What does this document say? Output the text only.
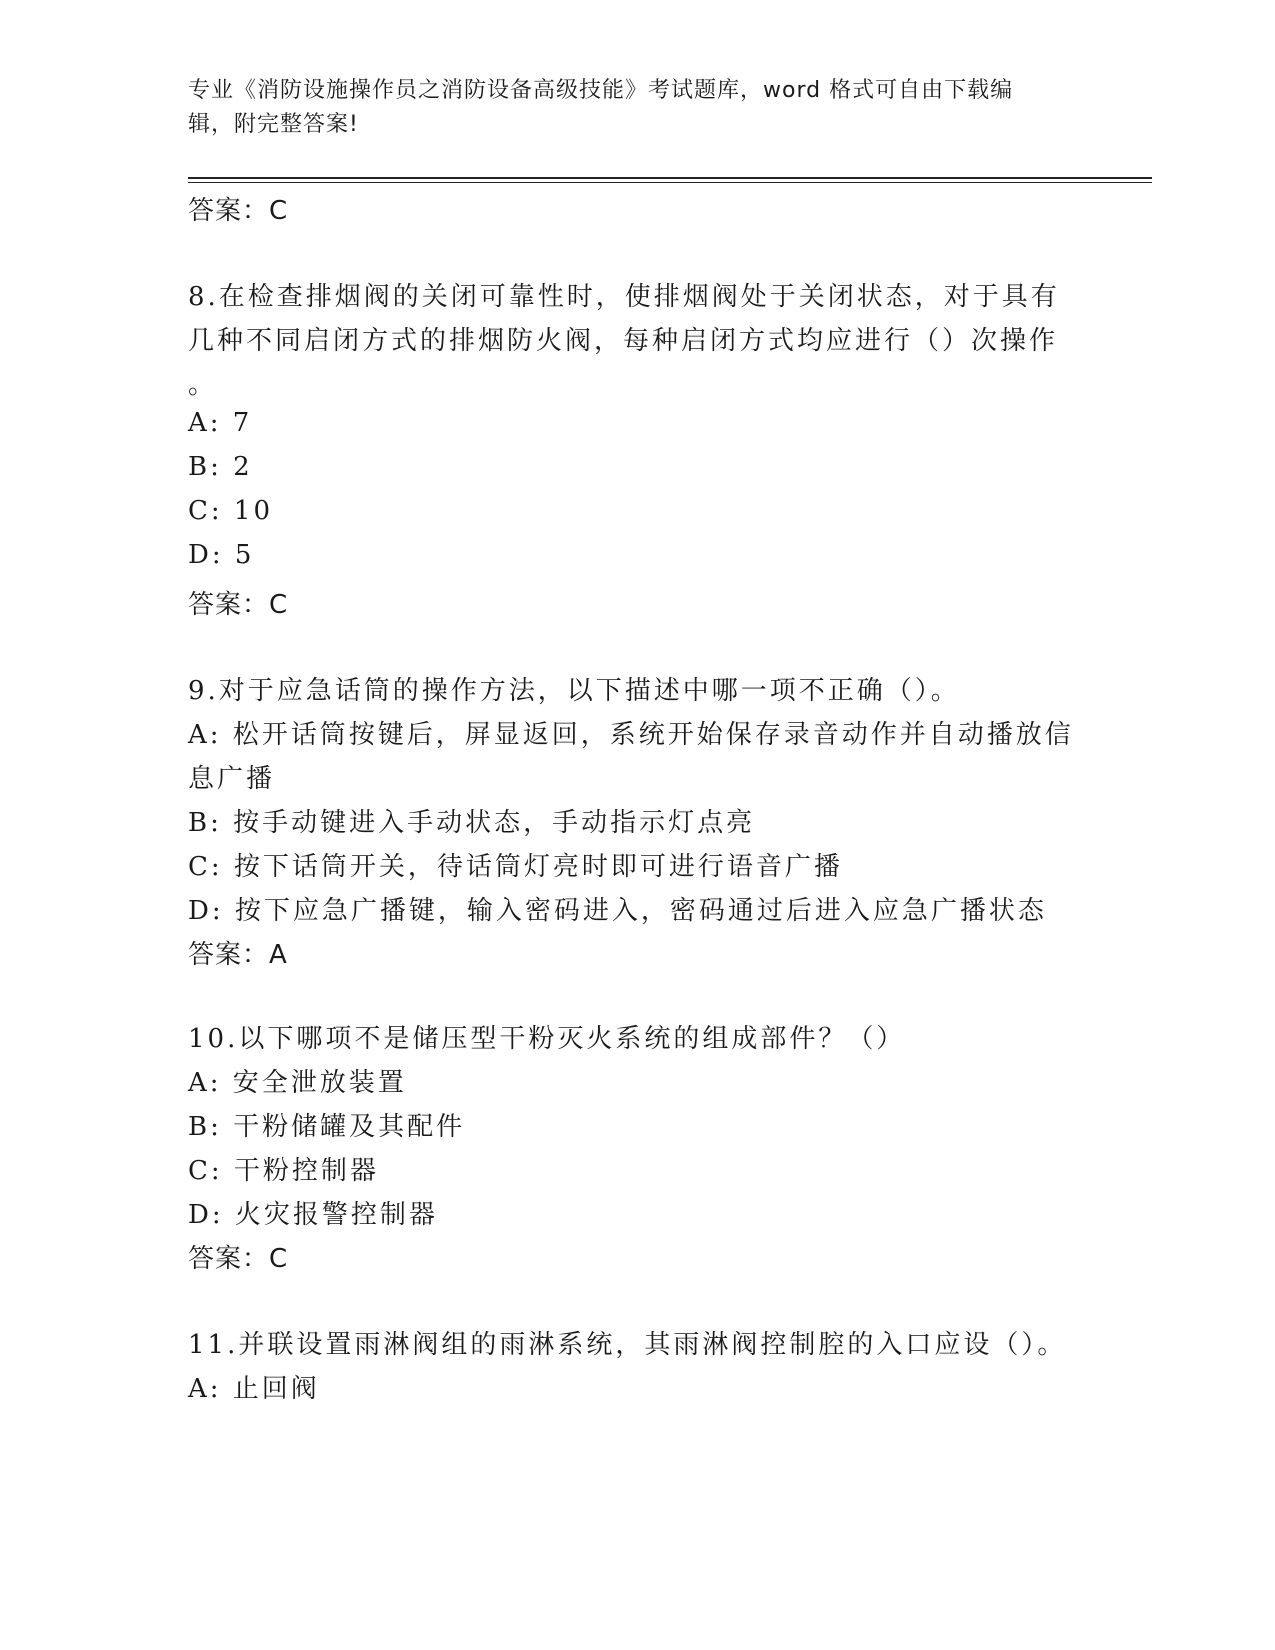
专业《消防设施操作员之消防设备高级技能》考试题库，word 格式可自由下载编
辑，附完整答案!
答案：C
8.在检查排烟阀的关闭可靠性时，使排烟阀处于关闭状态，对于具有
几种不同启闭方式的排烟防火阀，每种启闭方式均应进行（）次操作
。
A: 7
B: 2
C: 10
D: 5
答案：C
9.对于应急话筒的操作方法，以下描述中哪一项不正确（）。
A: 松开话筒按键后，屏显返回，系统开始保存录音动作并自动播放信
息广播
B: 按手动键进入手动状态，手动指示灯点亮
C: 按下话筒开关，待话筒灯亮时即可进行语音广播
D: 按下应急广播键，输入密码进入，密码通过后进入应急广播状态
答案：A
10.以下哪项不是储压型干粉灭火系统的组成部件？（）
A: 安全泄放装置
B: 干粉储罐及其配件
C: 干粉控制器
D: 火灾报警控制器
答案：C
11.并联设置雨淋阀组的雨淋系统，其雨淋阀控制腔的入口应设（）。
A: 止回阀
